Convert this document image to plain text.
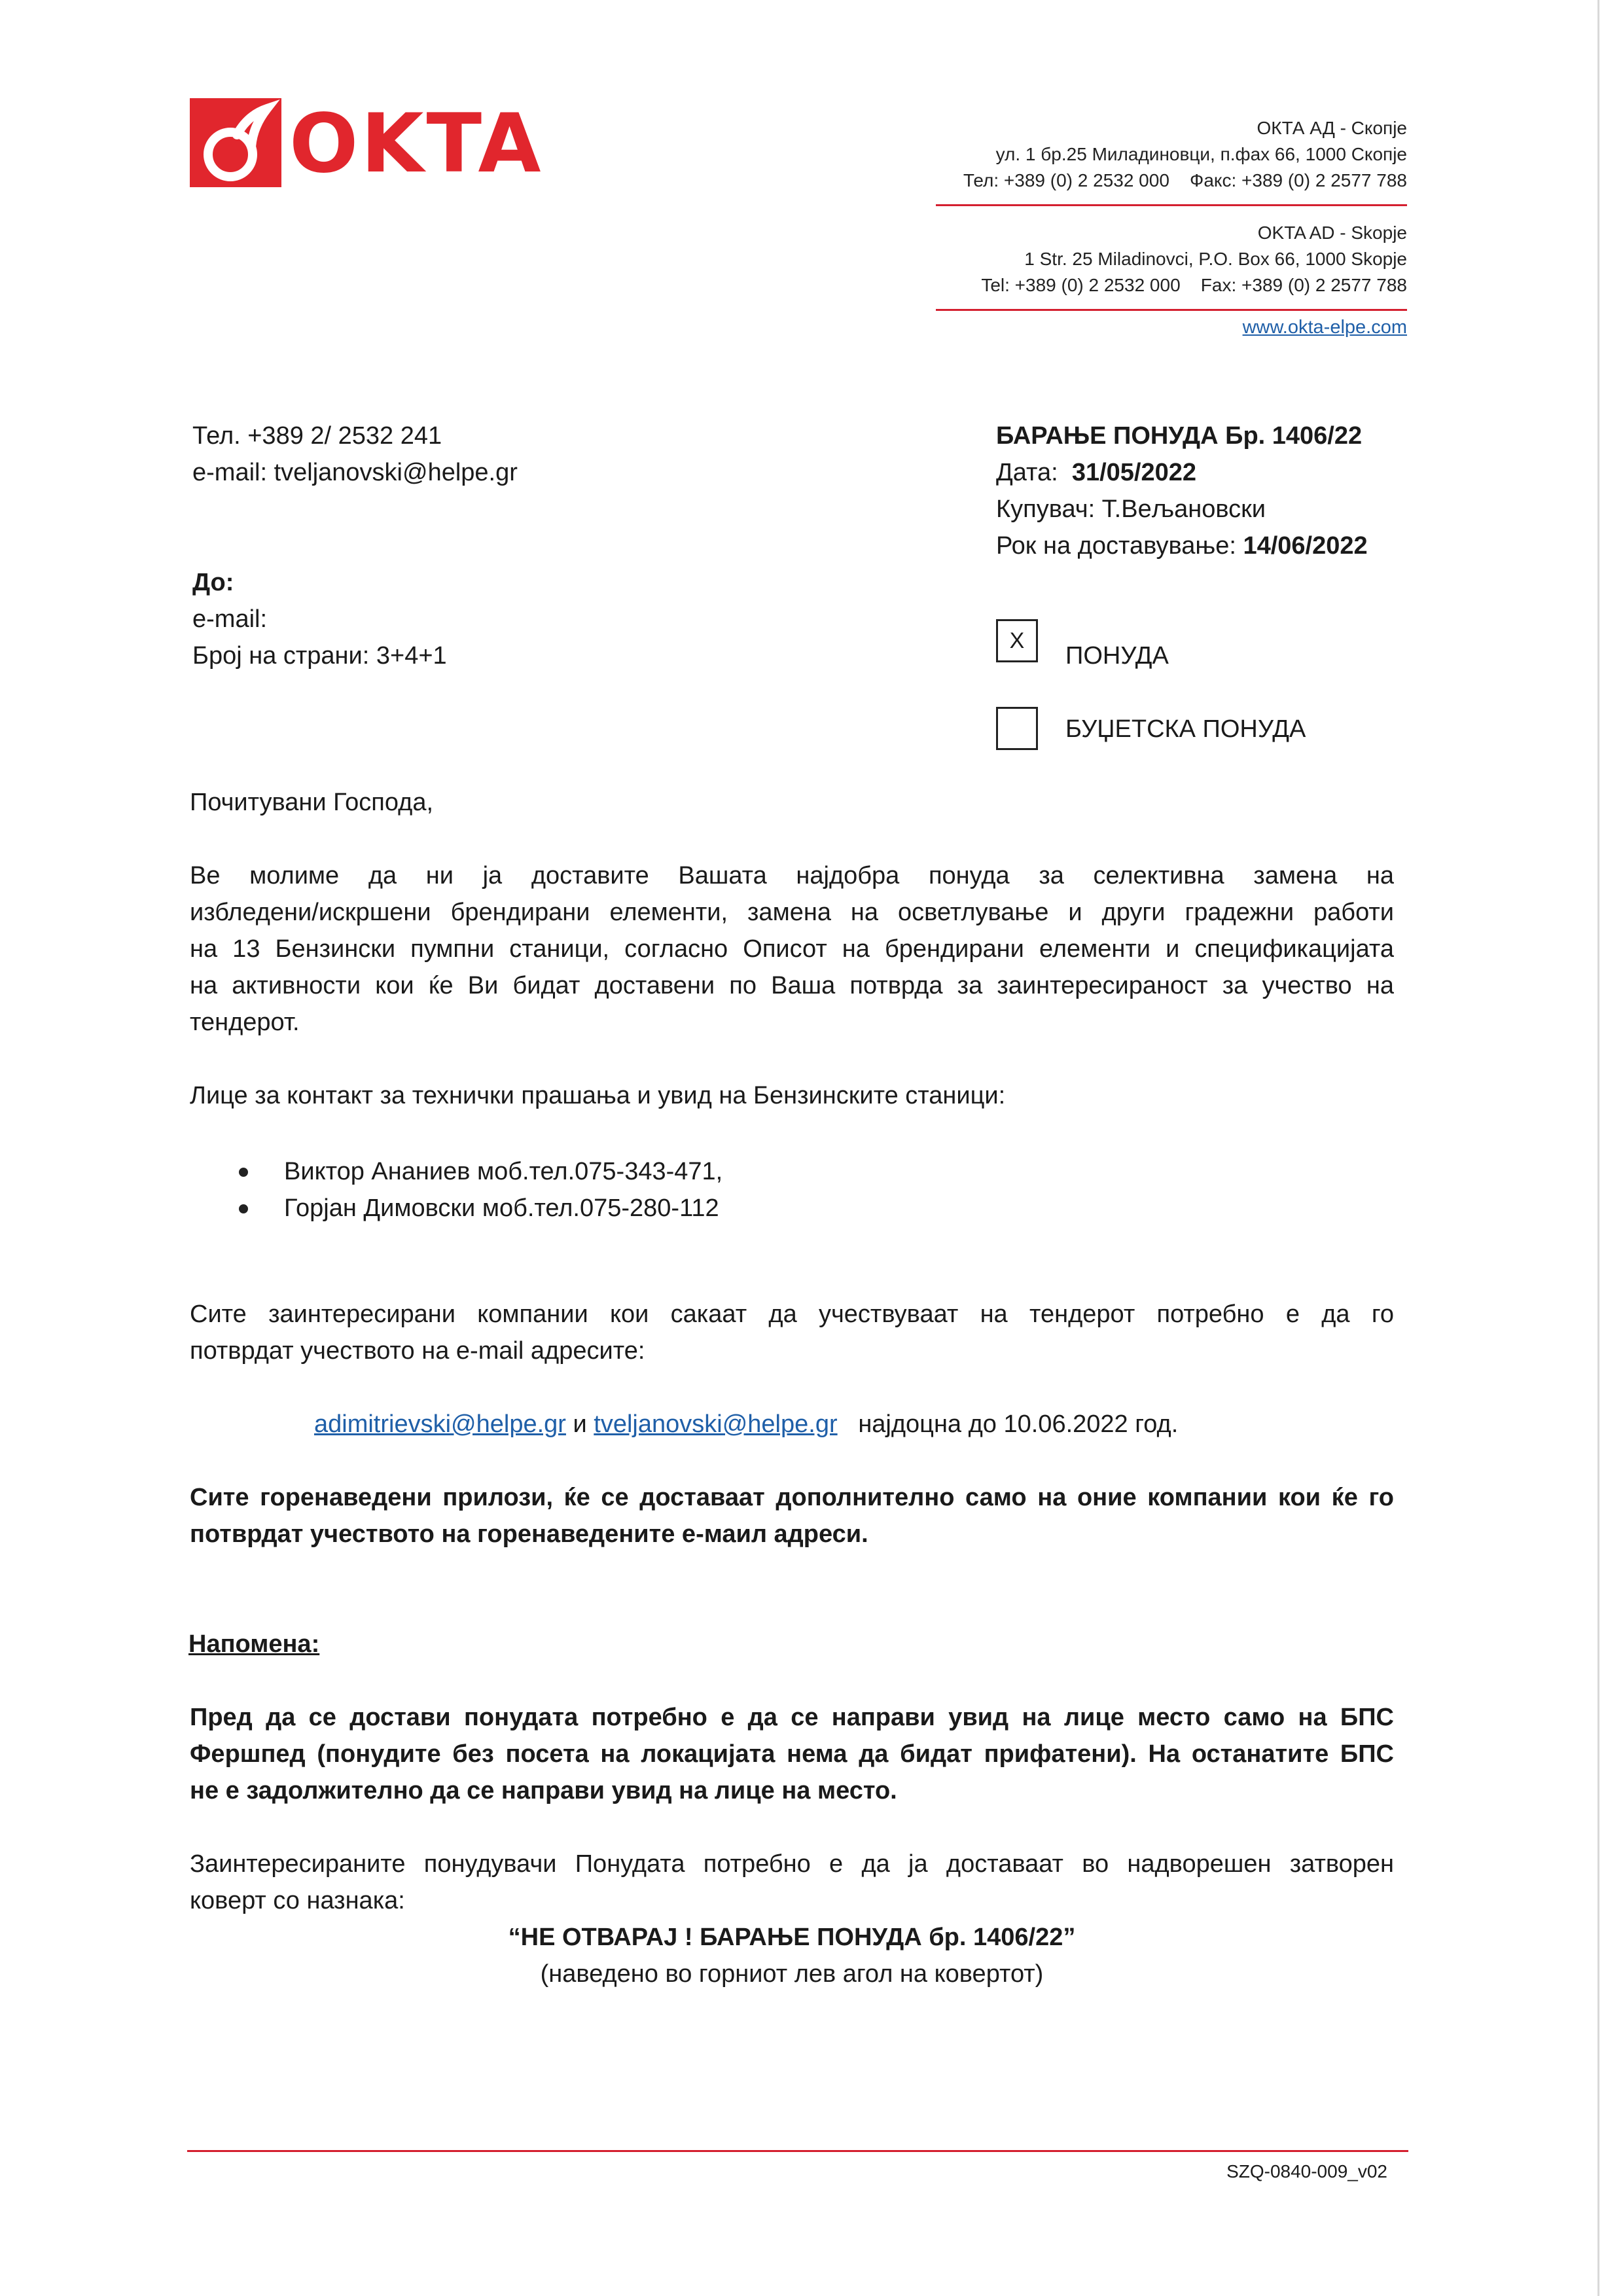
OKTA	ОКТА АД - Скопје

ул. 1 бр.25 Миладиновци, п.фах 66, 1000 Скопје

Тел: +389 (0) 2 2532 000 Факс: +389 (0) 2 2577 788

OKTA AD - Skopje

1 Str. 25 Miladinovci, P.O. Box 66, 1000 Skopje

Tel: +389 (0) 2 2532 000 Fax: +389 (0) 2 2577 788

www.okta-elpe.com

Тел. +389 2/ 2532 241

e-mail: tveljanovski@helpe.gr

БАРАЊЕ ПОНУДА Бр. 1406/22

Дата: 31/05/2022

Купувач: Т.Вељановски

Рок на доставување: 14/06/2022

До:

e-mail:

Број на страни: 3+4+1

X
ПОНУДА
БУЏЕТСКА ПОНУДА

Почитувани Господа,

Ве молиме да ни ја доставите Вашата најдобра понуда за селективна замена на

избледени/искршени брендирани елементи, замена на осветлување и други градежни работи

на 13 Бензински пумпни станици, согласно Описот на брендирани елементи и спецификацијата

на активности кои ќе Ви бидат доставени по Ваша потврда за заинтересираност за учество на

тендерот.

Лице за контакт за технички прашања и увид на Бензинските станици:

Виктор Ананиев моб.тел.075-343-471,
Горјан Димовски моб.тел.075-280-112

Сите заинтересирани компании кои сакаат да учествуваат на тендерот потребно е да го

потврдат учеството на e-mail адресите:

adimitrievski@helpe.gr и tveljanovski@helpe.gr најдоцна до 10.06.2022 год.

Сите горенаведени прилози, ќе се доставаат дополнително само на оние компании кои ќе го

потврдат учеството на горенаведените е-маил адреси.

Напомена:

Пред да се достави понудата потребно е да се направи увид на лице место само на БПС

Фершпед (понудите без посета на локацијата нема да бидат прифатени). На останатите БПС

не е задолжително да се направи увид на лице на место.

Заинтересираните понудувачи Понудата потребно е да ја доставаат во надворешен затворен

коверт со назнака:

“НЕ ОТВАРАЈ ! БАРАЊЕ ПОНУДА бр. 1406/22”

(наведено во горниот лев агол на ковертот)

SZQ-0840-009_v02
